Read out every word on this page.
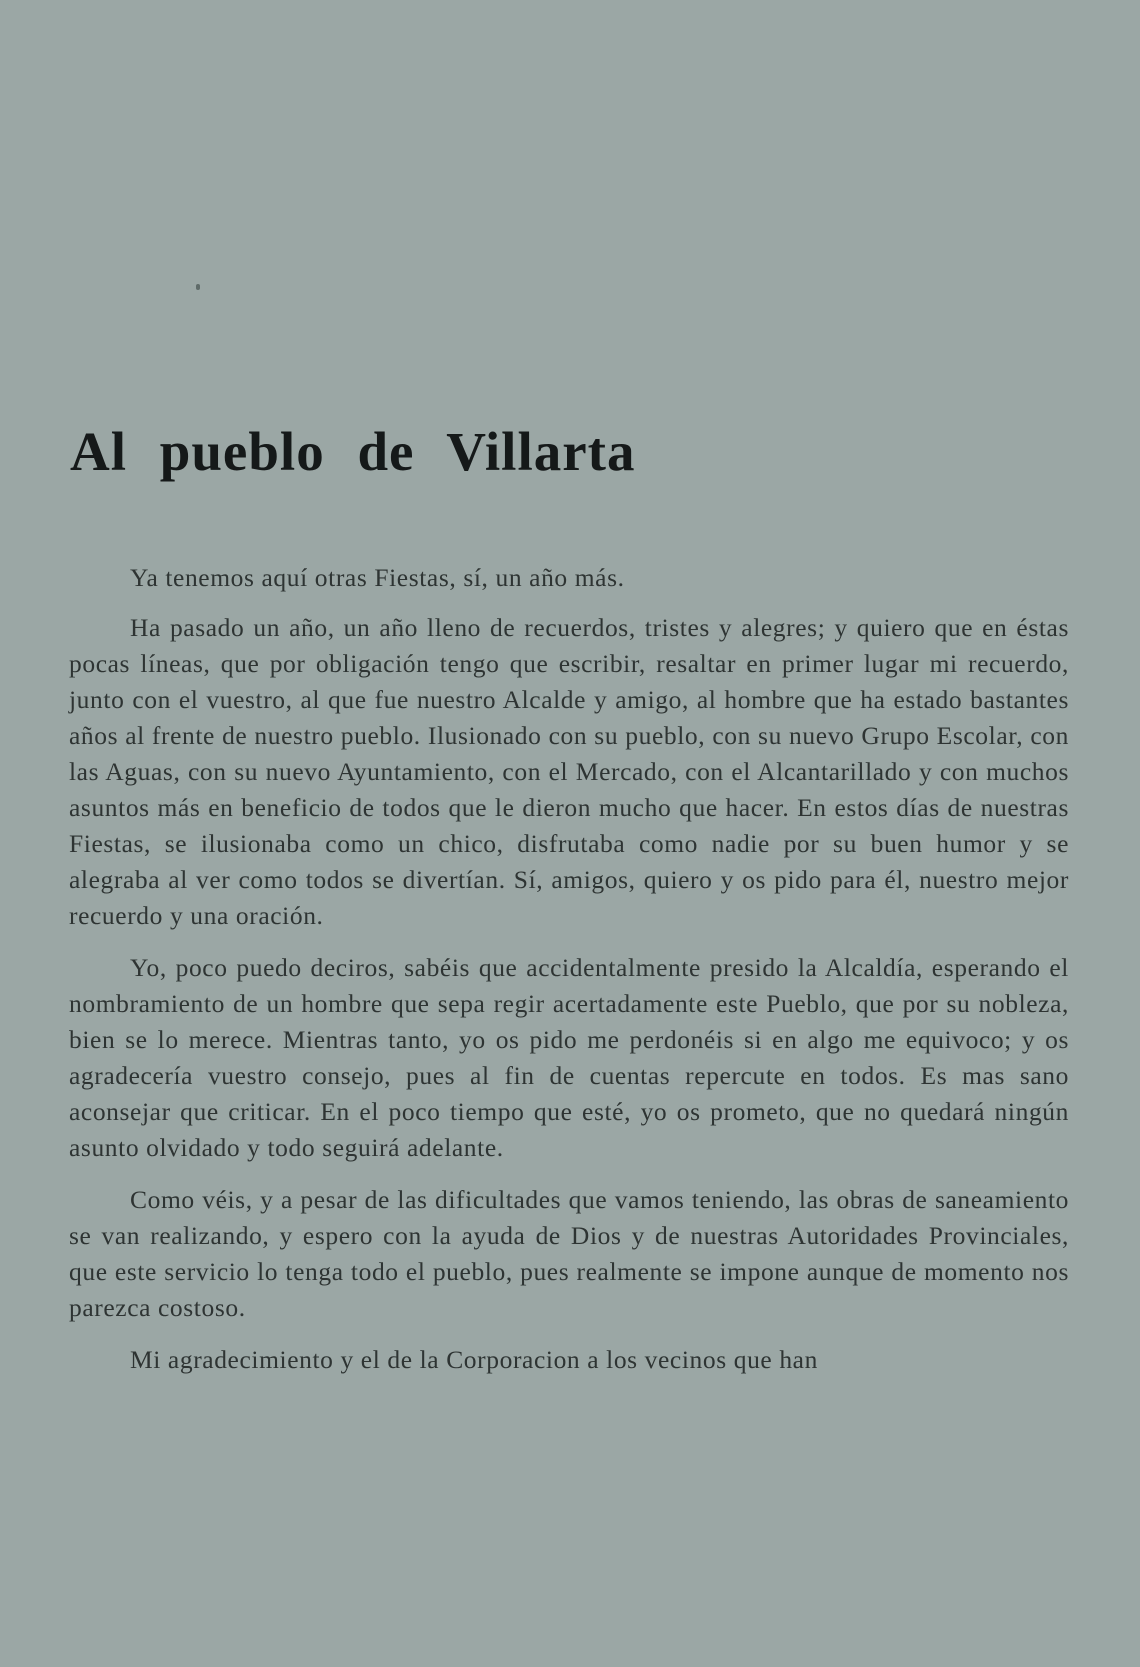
Al pueblo de Villarta

Ya tenemos aquí otras Fiestas, sí, un año más.

Ha pasado un año, un año lleno de recuerdos, tristes y alegres; y quiero que en éstas pocas líneas, que por obligación tengo que escribir, resaltar en primer lugar mi recuerdo, junto con el vuestro, al que fue nuestro Alcalde y amigo, al hombre que ha estado bastantes años al frente de nuestro pueblo. Ilusionado con su pueblo, con su nuevo Grupo Escolar, con las Aguas, con su nuevo Ayuntamiento, con el Mercado, con el Alcantarillado y con muchos asuntos más en beneficio de todos que le dieron mucho que hacer. En estos días de nuestras Fiestas, se ilusionaba como un chico, disfrutaba como nadie por su buen humor y se alegraba al ver como todos se divertían. Sí, amigos, quiero y os pido para él, nuestro mejor recuerdo y una oración.

Yo, poco puedo deciros, sabéis que accidentalmente presido la Alcaldía, esperando el nombramiento de un hombre que sepa regir acertadamente este Pueblo, que por su nobleza, bien se lo merece. Mientras tanto, yo os pido me perdonéis si en algo me equivoco; y os agradecería vuestro consejo, pues al fin de cuentas repercute en todos. Es mas sano aconsejar que criticar. En el poco tiempo que esté, yo os prometo, que no quedará ningún asunto olvidado y todo seguirá adelante.

Como véis, y a pesar de las dificultades que vamos teniendo, las obras de saneamiento se van realizando, y espero con la ayuda de Dios y de nuestras Autoridades Provinciales, que este servicio lo tenga todo el pueblo, pues realmente se impone aunque de momento nos parezca costoso.

Mi agradecimiento y el de la Corporacion a los vecinos que han
